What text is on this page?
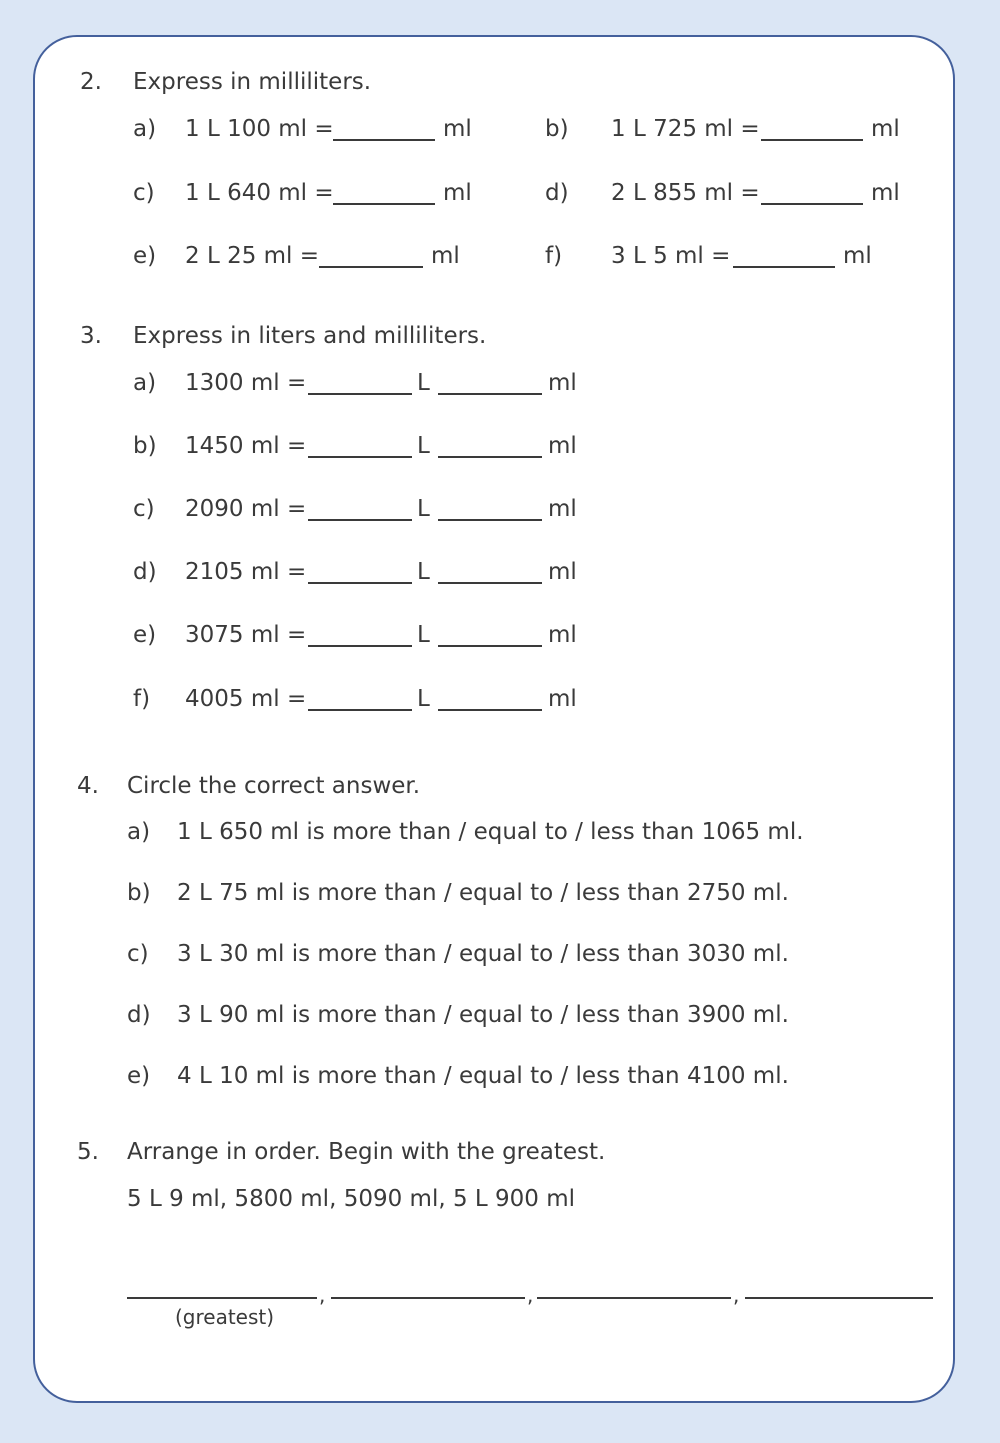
2. Express in milliliters.
a) 1 L 100 ml =	ml	b) 1 L 725 ml =	ml
c) 1 L 640 ml =	ml	d) 2 L 855 ml =	ml
e) 2 L 25 ml =	ml	f) 3 L 5 ml =	ml
3. Express in liters and milliliters.
a) 1300 ml =	L	ml
b) 1450 ml =	L	ml
c) 2090 ml =	L	ml
d) 2105 ml =	L	ml
e) 3075 ml =	L	ml
f) 4005 ml =	L	ml
4. Circle the correct answer.
a) 1 L 650 ml is more than / equal to / less than 1065 ml.
b) 2 L 75 ml is more than / equal to / less than 2750 ml.
c) 3 L 30 ml is more than / equal to / less than 3030 ml.
d) 3 L 90 ml is more than / equal to / less than 3900 ml.
e) 4 L 10 ml is more than / equal to / less than 4100 ml.
5. Arrange in order. Begin with the greatest.
5 L 9 ml, 5800 ml, 5090 ml, 5 L 900 ml
,	,	,
(greatest)
